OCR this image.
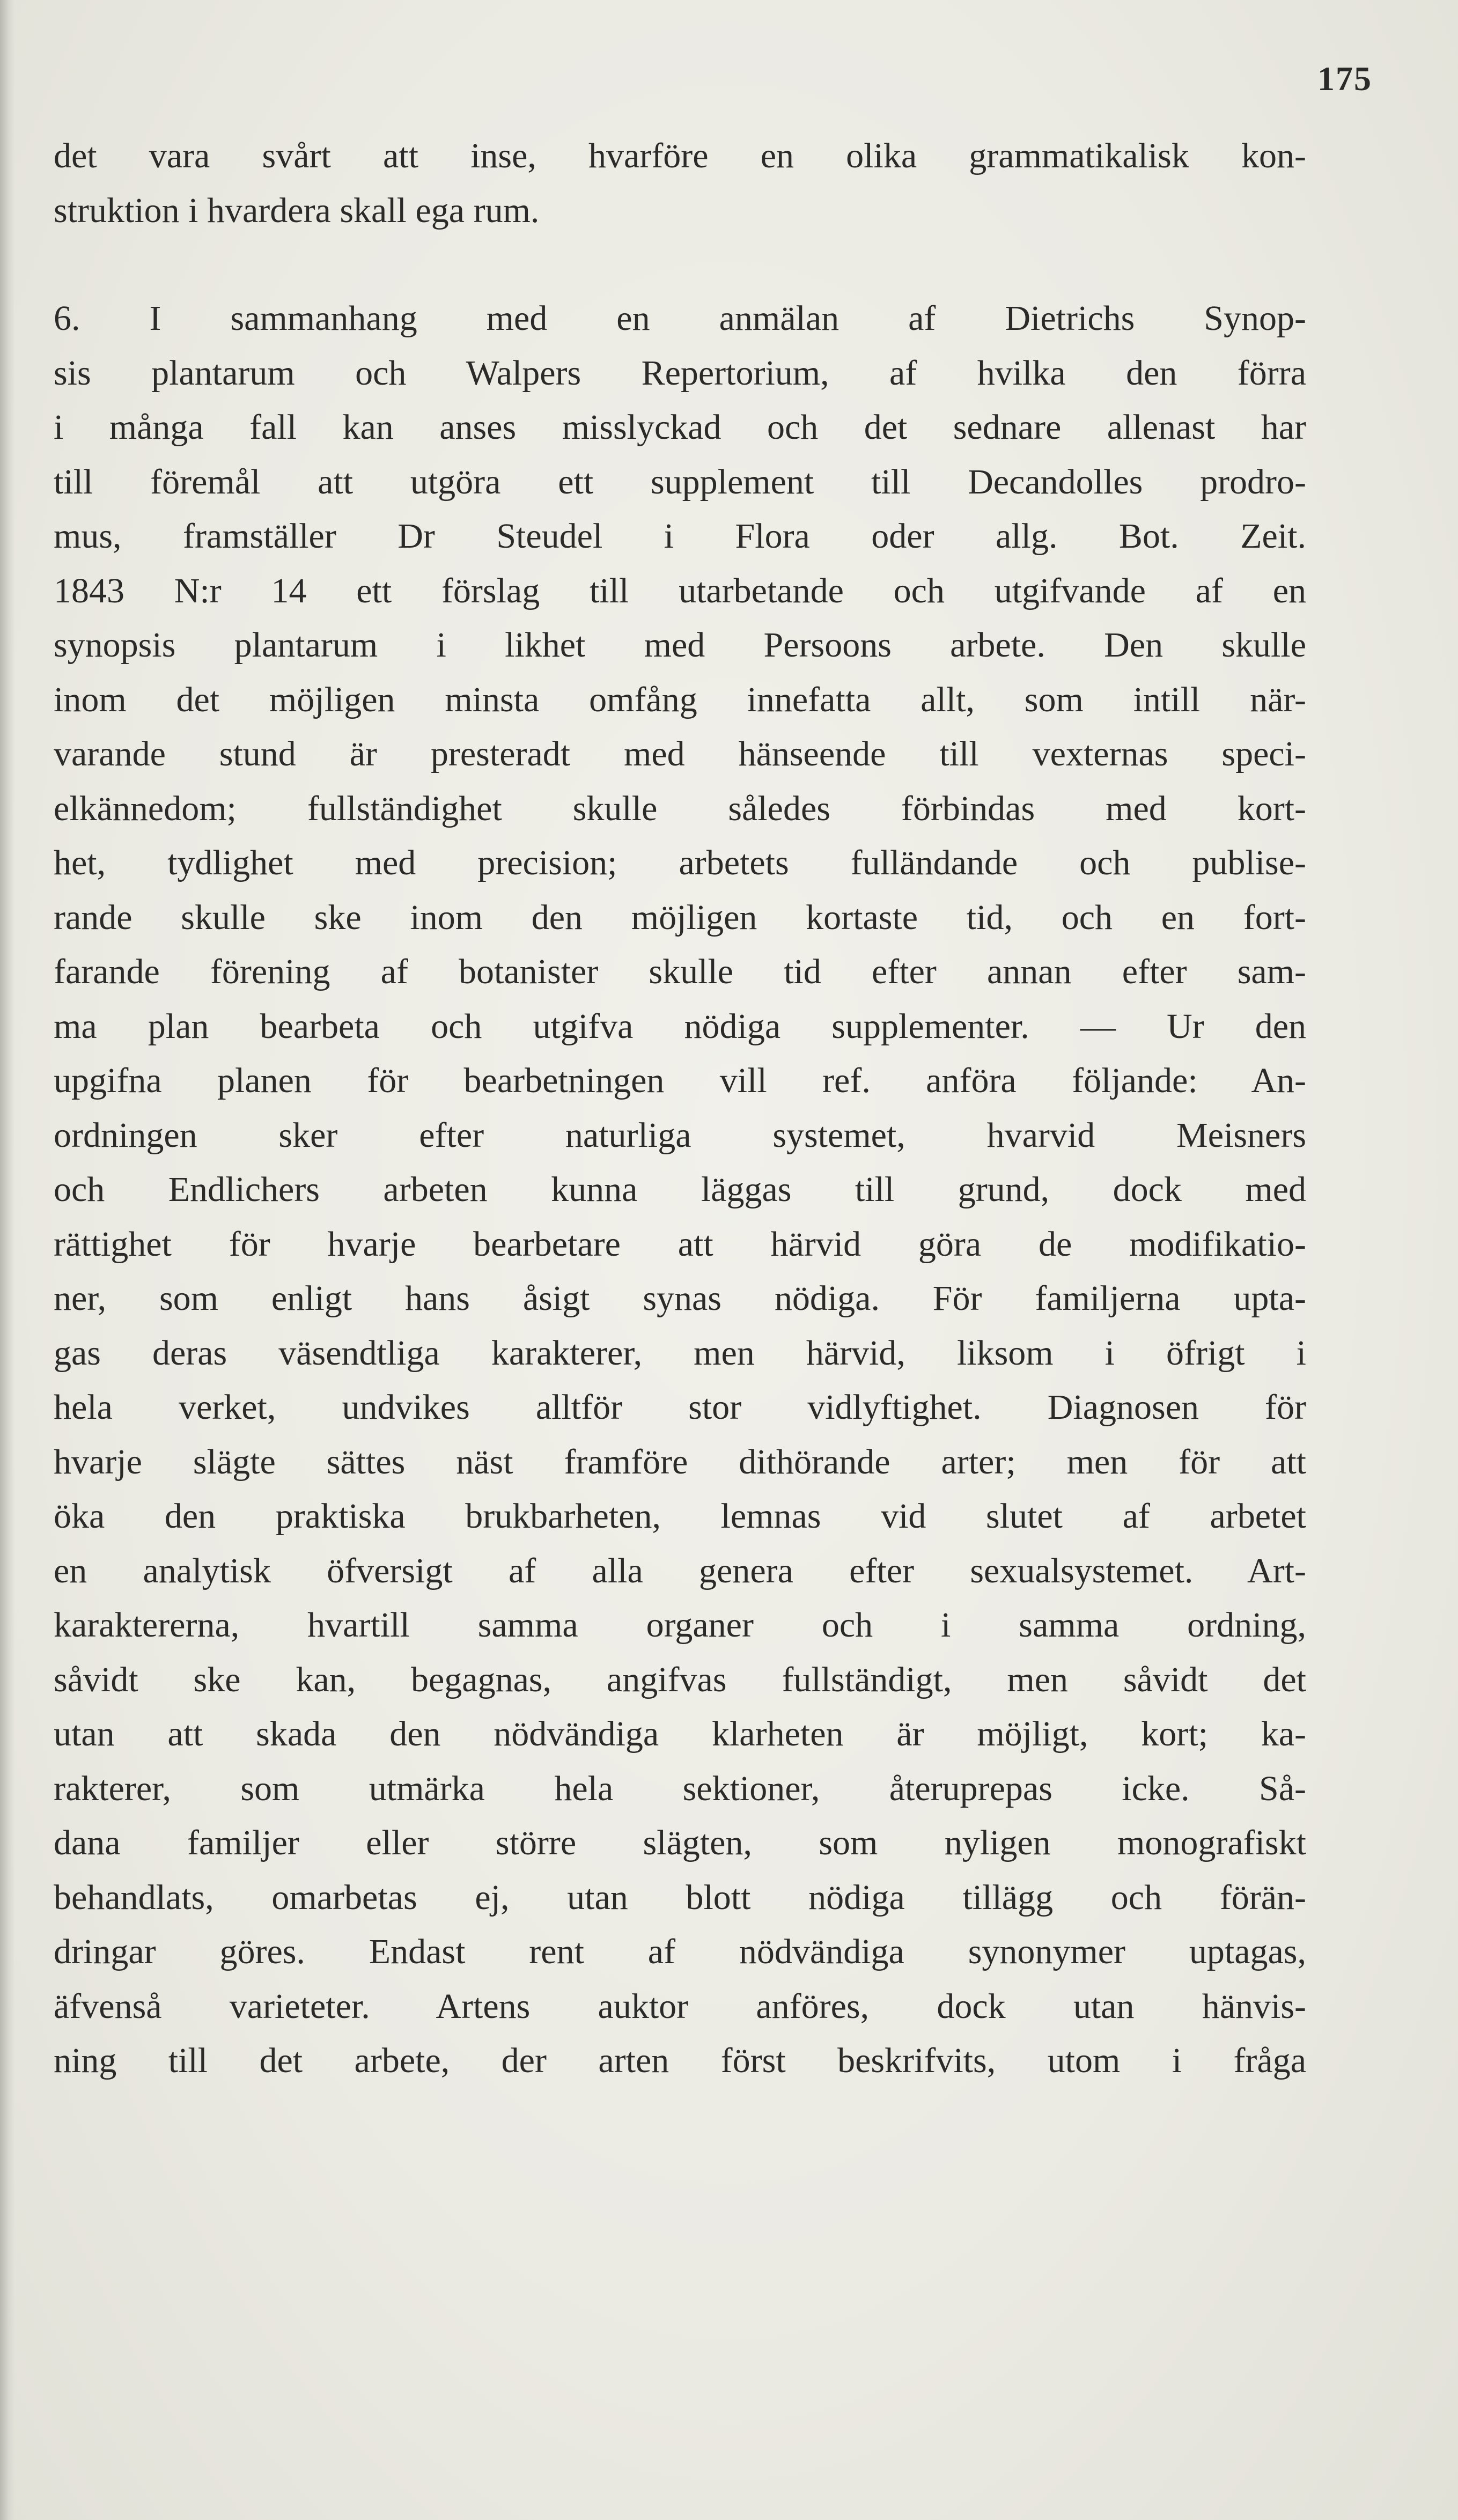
175
det vara svårt att inse, hvarföre en olika grammatikalisk kon-
struktion i hvardera skall ega rum.
6. I sammanhang med en anmälan af Dietrichs Synop-
sis plantarum och Walpers Repertorium, af hvilka den förra
i många fall kan anses misslyckad och det sednare allenast har
till föremål att utgöra ett supplement till Decandolles prodro-
mus, framställer Dr Steudel i Flora oder allg. Bot. Zeit.
1843 N:r 14 ett förslag till utarbetande och utgifvande af en
synopsis plantarum i likhet med Persoons arbete. Den skulle
inom det möjligen minsta omfång innefatta allt, som intill när-
varande stund är presteradt med hänseende till vexternas speci-
elkännedom; fullständighet skulle således förbindas med kort-
het, tydlighet med precision; arbetets fulländande och publise-
rande skulle ske inom den möjligen kortaste tid, och en fort-
farande förening af botanister skulle tid efter annan efter sam-
ma plan bearbeta och utgifva nödiga supplementer. — Ur den
upgifna planen för bearbetningen vill ref. anföra följande: An-
ordningen sker efter naturliga systemet, hvarvid Meisners
och Endlichers arbeten kunna läggas till grund, dock med
rättighet för hvarje bearbetare att härvid göra de modifikatio-
ner, som enligt hans åsigt synas nödiga. För familjerna upta-
gas deras väsendtliga karakterer, men härvid, liksom i öfrigt i
hela verket, undvikes alltför stor vidlyftighet. Diagnosen för
hvarje slägte sättes näst framföre dithörande arter; men för att
öka den praktiska brukbarheten, lemnas vid slutet af arbetet
en analytisk öfversigt af alla genera efter sexualsystemet. Art-
karaktererna, hvartill samma organer och i samma ordning,
såvidt ske kan, begagnas, angifvas fullständigt, men såvidt det
utan att skada den nödvändiga klarheten är möjligt, kort; ka-
rakterer, som utmärka hela sektioner, återuprepas icke. Så-
dana familjer eller större slägten, som nyligen monografiskt
behandlats, omarbetas ej, utan blott nödiga tillägg och förän-
dringar göres. Endast rent af nödvändiga synonymer uptagas,
äfvenså varieteter. Artens auktor anföres, dock utan hänvis-
ning till det arbete, der arten först beskrifvits, utom i fråga
